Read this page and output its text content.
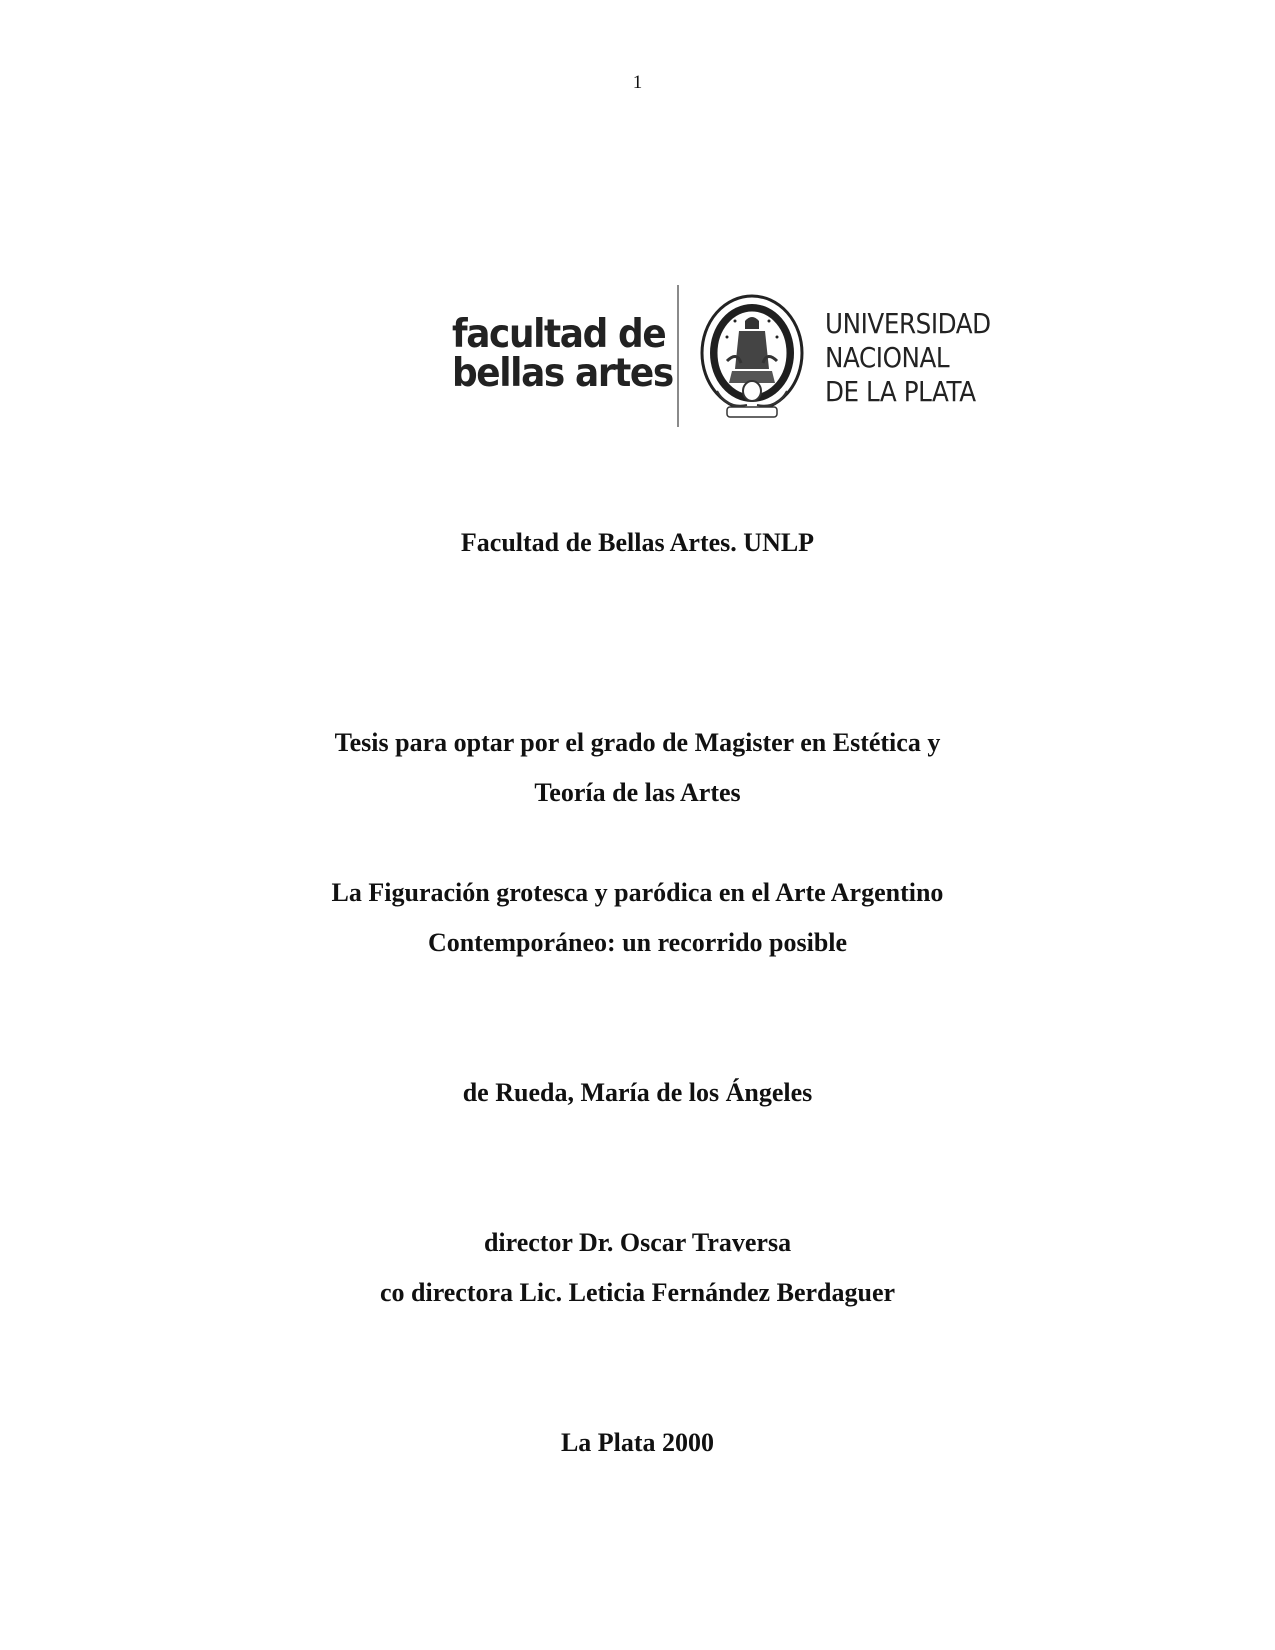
1
facultad de
bellas artes
UNIVERSIDAD
NACIONAL
DE LA PLATA
Facultad de Bellas Artes. UNLP
Tesis para optar por el grado de Magister en Estética y
Teoría de las Artes
La Figuración grotesca y paródica en el Arte Argentino
Contemporáneo: un recorrido posible
de Rueda, María de los Ángeles
director Dr. Oscar Traversa
co directora Lic. Leticia Fernández Berdaguer
La Plata 2000
